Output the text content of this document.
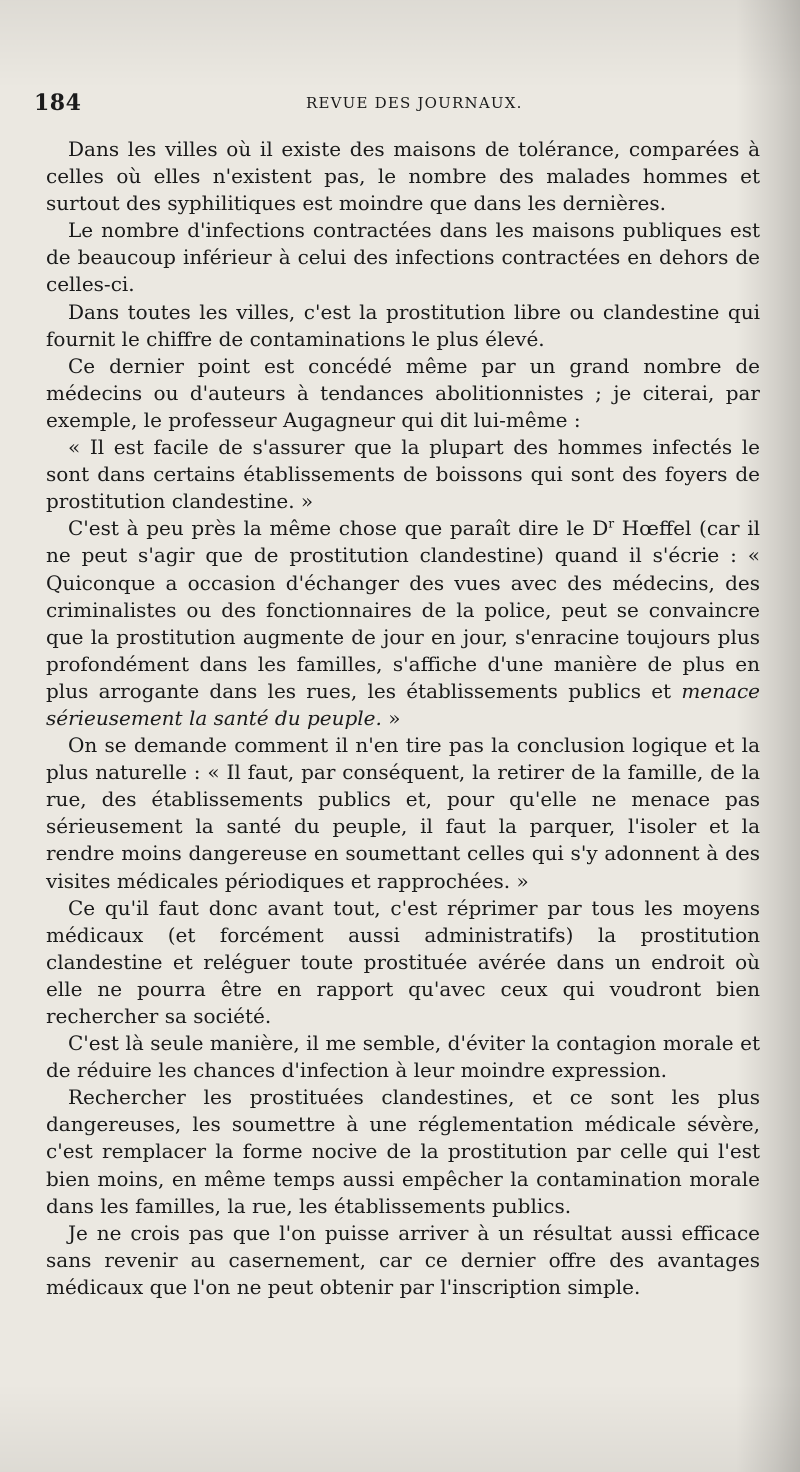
184	REVUE DES JOURNAUX.

Dans les villes où il existe des maisons de tolérance, comparées à celles où elles n'existent pas, le nombre des malades hommes et surtout des syphilitiques est moindre que dans les dernières.

Le nombre d'infections contractées dans les maisons publiques est de beaucoup inférieur à celui des infections contractées en dehors de celles-ci.

Dans toutes les villes, c'est la prostitution libre ou clandestine qui fournit le chiffre de contaminations le plus élevé.

Ce dernier point est concédé même par un grand nombre de médecins ou d'auteurs à tendances abolitionnistes ; je citerai, par exemple, le professeur Augagneur qui dit lui-même :

« Il est facile de s'assurer que la plupart des hommes infectés le sont dans certains établissements de boissons qui sont des foyers de prostitution clandestine. »

C'est à peu près la même chose que paraît dire le $D^r$ Hœffel (car il ne peut s'agir que de prostitution clandestine) quand il s'écrie : « Quiconque a occasion d'échanger des vues avec des médecins, des criminalistes ou des fonctionnaires de la police, peut se convaincre que la prostitution augmente de jour en jour, s'enracine toujours plus profondément dans les familles, s'affiche d'une manière de plus en plus arrogante dans les rues, les établissements publics et menace sérieusement la santé du peuple. »

On se demande comment il n'en tire pas la conclusion logique et la plus naturelle : « Il faut, par conséquent, la retirer de la famille, de la rue, des établissements publics et, pour qu'elle ne menace pas sérieusement la santé du peuple, il faut la parquer, l'isoler et la rendre moins dangereuse en soumettant celles qui s'y adonnent à des visites médicales périodiques et rapprochées. »

Ce qu'il faut donc avant tout, c'est réprimer par tous les moyens médicaux (et forcément aussi administratifs) la prostitution clandestine et reléguer toute prostituée avérée dans un endroit où elle ne pourra être en rapport qu'avec ceux qui voudront bien rechercher sa société.

C'est là seule manière, il me semble, d'éviter la contagion morale et de réduire les chances d'infection à leur moindre expression.

Rechercher les prostituées clandestines, et ce sont les plus dangereuses, les soumettre à une réglementation médicale sévère, c'est remplacer la forme nocive de la prostitution par celle qui l'est bien moins, en même temps aussi empêcher la contamination morale dans les familles, la rue, les établissements publics.

Je ne crois pas que l'on puisse arriver à un résultat aussi efficace sans revenir au casernement, car ce dernier offre des avantages médicaux que l'on ne peut obtenir par l'inscription simple.
